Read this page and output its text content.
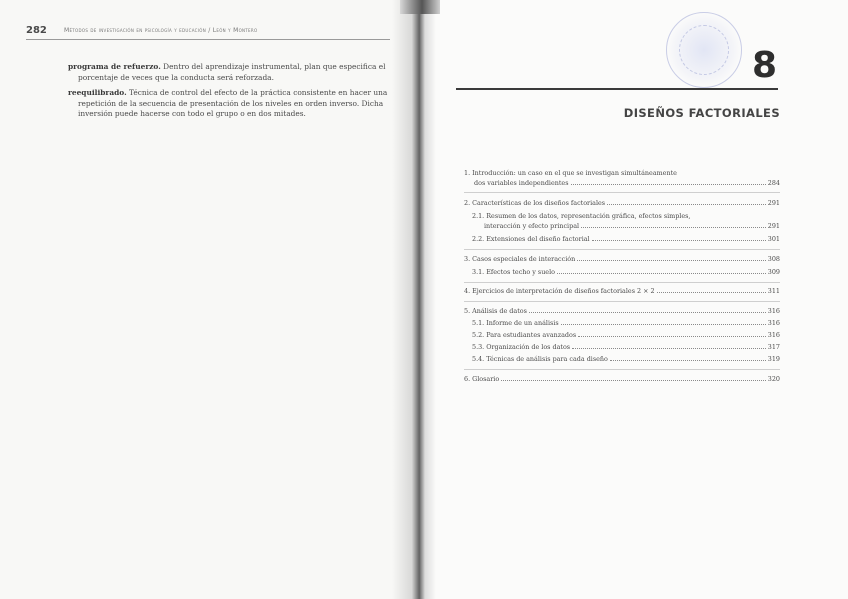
282	Métodos de investigación en psicología y educación / León y Montero
programa de refuerzo. Dentro del aprendizaje instrumental, plan que especifica el
porcentaje de veces que la conducta será reforzada.
reequilibrado. Técnica de control del efecto de la práctica consistente en hacer una
repetición de la secuencia de presentación de los niveles en orden inverso. Dicha
inversión puede hacerse con todo el grupo o en dos mitades.
8
DISEÑOS FACTORIALES
1. Introducción: un caso en el que se investigan simultáneamente
dos variables independientes	284
2. Características de los diseños factoriales	291
2.1. Resumen de los datos, representación gráfica, efectos simples,
interacción y efecto principal	291
2.2. Extensiones del diseño factorial	301
3. Casos especiales de interacción	308
3.1. Efectos techo y suelo	309
4. Ejercicios de interpretación de diseños factoriales 2 × 2	311
5. Análisis de datos	316
5.1. Informe de un análisis	316
5.2. Para estudiantes avanzados	316
5.3. Organización de los datos	317
5.4. Técnicas de análisis para cada diseño	319
6. Glosario	320
